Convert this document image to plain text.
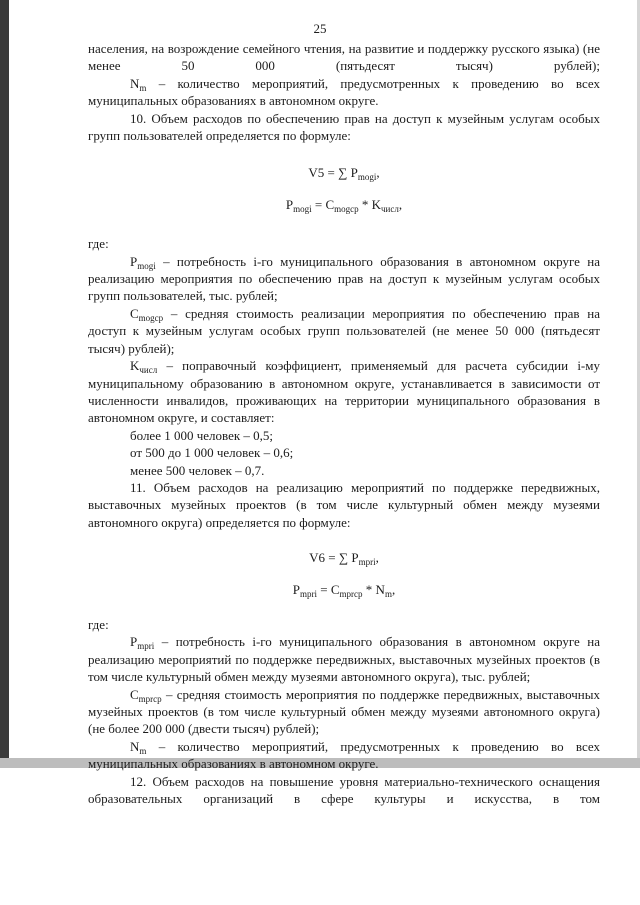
25

населения, на возрождение семейного чтения, на развитие и поддержку русского языка) (не менее 50 000 (пятьдесят тысяч) рублей);

$N_m$ – количество мероприятий, предусмотренных к проведению во всех муниципальных образованиях в автономном округе.

10. Объем расходов по обеспечению прав на доступ к музейным услугам особых групп пользователей определяется по формуле:

V5 = ∑ $P_{mogi}$,

$P_{mogi} = C_{mogср} * K_{числ}$,

где:

$P_{mogi}$ – потребность i-го муниципального образования в автономном округе на реализацию мероприятия по обеспечению прав на доступ к музейным услугам особых групп пользователей, тыс. рублей;

$C_{mogср}$ – средняя стоимость реализации мероприятия по обеспечению прав на доступ к музейным услугам особых групп пользователей (не менее 50 000 (пятьдесят тысяч) рублей);

$K_{числ}$ – поправочный коэффициент, применяемый для расчета субсидии i-му муниципальному образованию в автономном округе, устанавливается в зависимости от численности инвалидов, проживающих на территории муниципального образования в автономном округе, и составляет:

более 1 000 человек – 0,5;

от 500 до 1 000 человек – 0,6;

менее 500 человек – 0,7.

11. Объем расходов на реализацию мероприятий по поддержке передвижных, выставочных музейных проектов (в том числе культурный обмен между музеями автономного округа) определяется по формуле:

V6 = ∑ $P_{mpri}$,

$P_{mpri} = C_{mprср} * N_m$,

где:

$P_{mpri}$ – потребность i-го муниципального образования в автономном округе на реализацию мероприятий по поддержке передвижных, выставочных музейных проектов (в том числе культурный обмен между музеями автономного округа), тыс. рублей;

$C_{mprср}$ – средняя стоимость мероприятия по поддержке передвижных, выставочных музейных проектов (в том числе культурный обмен между музеями автономного округа) (не более 200 000 (двести тысяч) рублей);

$N_m$ – количество мероприятий, предусмотренных к проведению во всех муниципальных образованиях в автономном округе.

12. Объем расходов на повышение уровня материально-технического оснащения образовательных организаций в сфере культуры и искусства, в том
